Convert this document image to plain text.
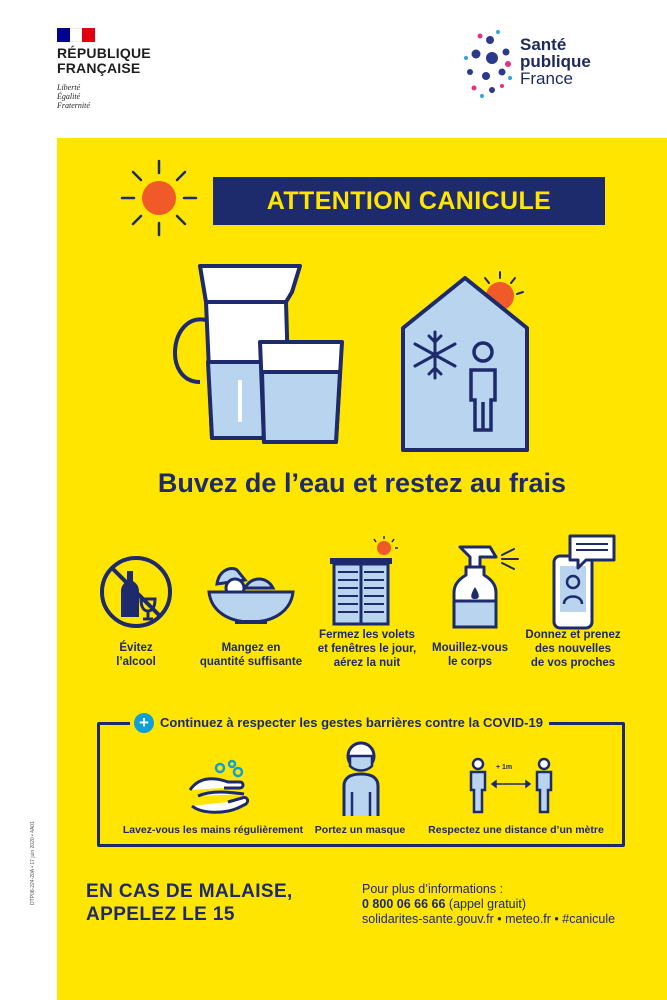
RÉPUBLIQUE
FRANÇAISE
Liberté
Égalité
Fraternité
Santé
publique
France
ATTENTION CANICULE
Buvez de l’eau et restez au frais
Évitez
l’alcool
Mangez en
quantité suffisante
Fermez les volets
et fenêtres le jour,
aérez la nuit
Mouillez-vous
le corps
Donnez et prenez
des nouvelles
de vos proches
+ Continuez à respecter les gestes barrières contre la COVID-19
+ 1m
Lavez-vous les mains régulièrement	Portez un masque	Respectez une distance d’un mètre
EN CAS DE MALAISE,
APPELEZ LE 15
Pour plus d’informations :
0 800 06 66 66 (appel gratuit)
solidarites-sante.gouv.fr • meteo.fr • #canicule
DTP08-224-20A • 17 juin 2020 • 4A01
